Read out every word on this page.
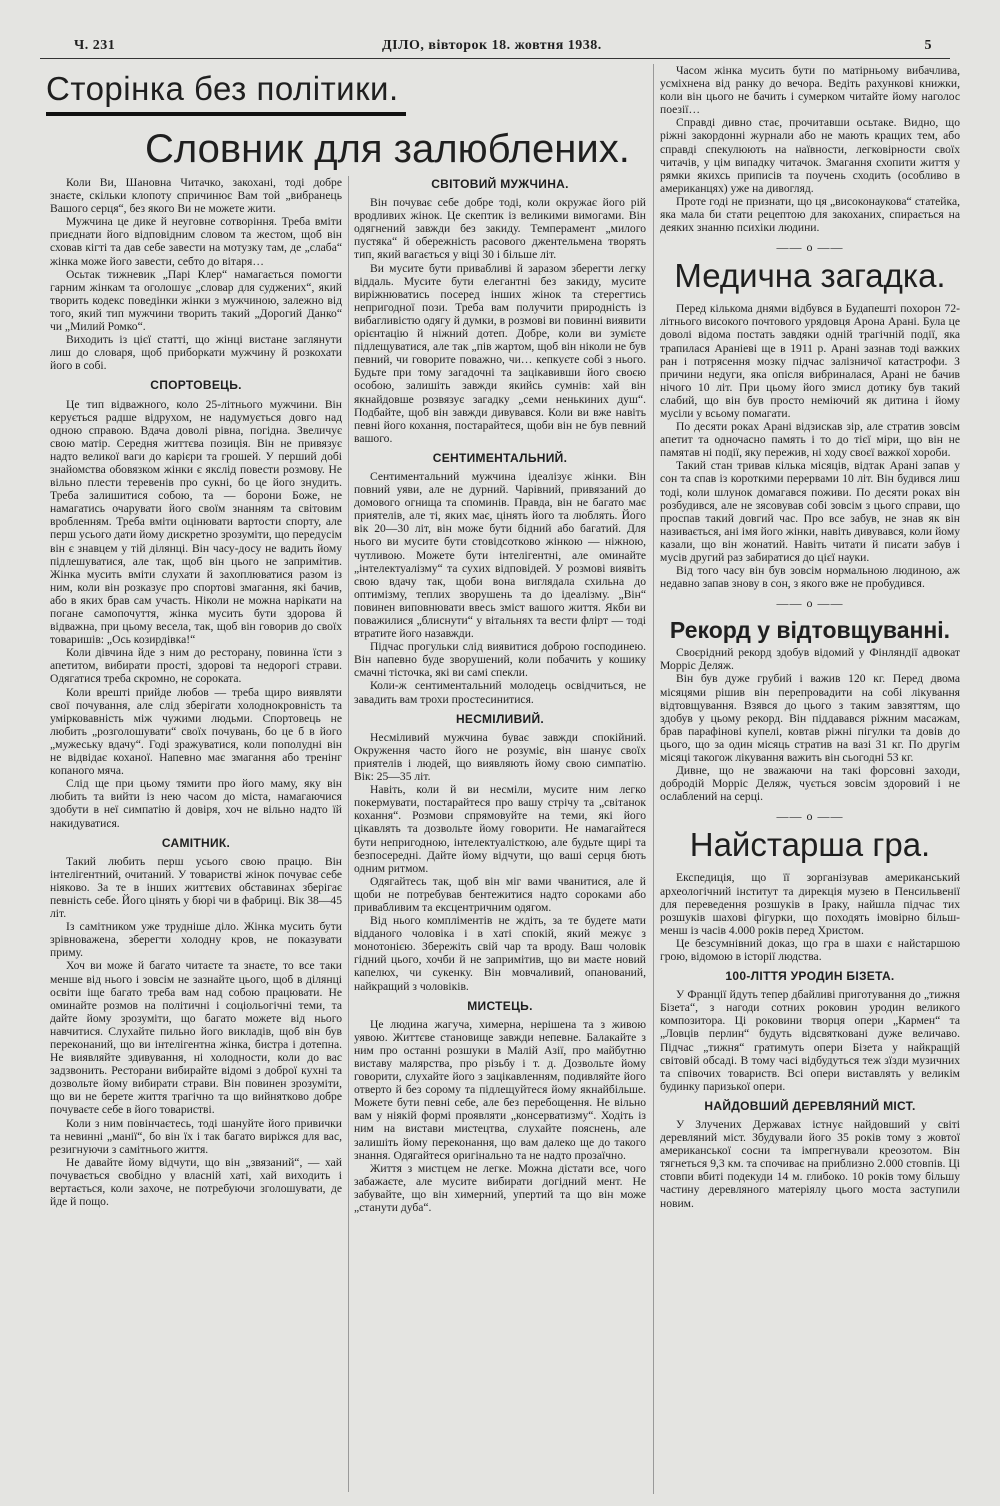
Ч. 231	ДІЛО, вівторок 18. жовтня 1938.	5
Сторінка без політики.
Словник для залюблених.

Коли Ви, Шановна Читачко, закохані, тоді добре знаєте, скільки клопоту спричинює Вам той „вибранець Вашого серця“, без якого Ви не можете жити.

Мужчина це дике й неуговне сотворіння. Треба вміти приєднати його відповідним словом та жестом, щоб він сховав кігті та дав себе завести на мотузку там, де „слаба“ жінка може його завести, себто до вітаря…

Осьтак тижневик „Парі Клер“ намагається помогти гарним жінкам та оголошує „словар для суджених“, який творить кодекс поведінки жінки з мужчиною, залежно від того, який тип мужчини творить такий „Дорогий Данко“ чи „Милий Ромко“.

Виходить із цієї статті, що жінці вистане заглянути лиш до словаря, щоб приборкати мужчину й розкохати його в собі.

СПОРТОВЕЦЬ.

Це тип відважного, коло 25-літнього мужчини. Він керується радше відрухом, не надумується довго над одною справою. Вдача доволі рівна, погідна. Звеличує свою матір. Середня життєва позиція. Він не привязує надто великої ваги до карієри та грошей. У перший добі знайомства обовязком жінки є якслід повести розмову. Не вільно плести теревенів про сукні, бо це його знудить. Треба залишитися собою, та — борони Боже, не намагатись очарувати його своїм знанням та світовим вробленням. Треба вміти оцінювати вартости спорту, але перш усього дати йому дискретно зрозуміти, що передусім він є знавцем у тій ділянці. Він часу-досу не вадить йому підлешуватися, але так, щоб він цього не запримітив. Жінка мусить вміти слухати й захоплюватися разом із ним, коли він розказує про спортові змагання, які бачив, або в яких брав сам участь. Ніколи не можна нарікати на погане самопочуття, жінка мусить бути здорова й відважна, при цьому весела, так, щоб він говорив до своїх товаришів: „Ось козирдівка!“

Коли дівчина йде з ним до ресторану, повинна їсти з апетитом, вибирати прості, здорові та недорогі страви. Одягатися треба скромно, не сороката.

Коли врешті прийде любов — треба щиро виявляти свої почування, але слід зберігати холоднокровність та умірковавність між чужими людьми. Спортовець не любить „розголошувати“ своїх почувань, бо це б в його „мужеську вдачу“. Годі зражуватися, коли пополудні він не відвідає коханої. Напевно має змагання або тренінг копаного мяча.

Слід ще при цьому тямити про його маму, яку він любить та вийти із нею часом до міста, намагаючися здобути в неї симпатію й довіря, хоч не вільно надто їй накидуватися.

САМІТНИК.

Такий любить перш усього свою працю. Він інтелігентний, очитаний. У товаристві жінок почуває себе ніяково. За те в інших життєвих обставинах зберігає певність себе. Його цінять у бюрі чи в фабриці. Вік 38—45 літ.

Із самітником уже трудніше діло. Жінка мусить бути зрівноважена, зберегти холодну кров, не показувати приму.

Хоч ви може й багато читаєте та знаєте, то все таки менше від нього і зовсім не зазнайте цього, щоб в ділянці освіти іще багато треба вам над собою працювати. Не оминайте розмов на політичні і соціольогічні теми, та дайте йому зрозуміти, що багато можете від нього навчитися. Слухайте пильно його викладів, щоб він був переконаний, що ви інтелігентна жінка, бистра і дотепна. Не виявляйте здивування, ні холодности, коли до вас задзвонить. Ресторани вибирайте відомі з доброї кухні та дозвольте йому вибирати страви. Він повинен зрозуміти, що ви не берете життя трагічно та що вийнятково добре почуваєте себе в його товаристві.

Коли з ним повінчаєтесь, тоді шануйте його привички та невинні „манії“, бо він їх і так багато виріжся для вас, резигнуючи з самітнього життя.

Не давайте йому відчути, що він „звязаний“, — хай почувається свобідно у власній хаті, хай виходить і вертається, коли захоче, не потребуючи зголошувати, де йде й пощо.

СВІТОВИЙ МУЖЧИНА.

Він почуває себе добре тоді, коли окружає його рій вродливих жінок. Це скептик із великими вимогами. Він одягнений завжди без закиду. Темперамент „милого пустяка“ й обережність расового джентельмена творять тип, який вагається у віці 30 і більше літ.

Ви мусите бути привабливі й заразом зберегти легку віддаль. Мусите бути елегантні без закиду, мусите виріжнюватись посеред інших жінок та стерегтись непригодної пози. Треба вам получити природність із вибагливістю одягу й думки, в розмові ви повинні виявити орієнтацію й ніжний дотеп. Добре, коли ви зумієте підлещуватися, але так „пів жартом, щоб він ніколи не був певний, чи говорите поважно, чи… кепкуєте собі з нього. Будьте при тому загадочні та зацікавивши його своєю особою, залишіть завжди якийсь сумнів: хай він якнайдовше розвязує загадку „семи ненькиних душ“. Подбайте, щоб він завжди дивувався. Коли ви вже навіть певні його кохання, постарайтеся, щоби він не був певний вашого.

СЕНТИМЕНТАЛЬНИЙ.

Сентиментальний мужчина ідеалізує жінки. Він повний уяви, але не дурний. Чарівний, привязаний до домового огнища та споминів. Правда, він не багато має приятелів, але ті, яких має, цінять його та люблять. Його вік 20—30 літ, він може бути бідний або багатий. Для нього ви мусите бути стовідсотково жінкою — ніжною, чутливою. Можете бути інтелігентні, але оминайте „інтелектуалізму“ та сухих відповідей. У розмові виявіть свою вдачу так, щоби вона виглядала схильна до оптимізму, теплих зворушень та до ідеалізму. „Він“ повинен виповнювати ввесь зміст вашого життя. Якби ви поважилися „блиснути“ у вітальнях та вести флірт — тоді втратите його назавжди.

Підчас прогульки слід виявитися доброю господинею. Він напевно буде зворушений, коли побачить у кошику смачні тісточка, які ви самі спекли.

Коли-ж сентиментальний молодець освідчиться, не завадить вам трохи простесинитися.

НЕСМІЛИВИЙ.

Несміливий мужчина буває завжди спокійний. Окруження часто його не розуміє, він шанує своїх приятелів і людей, що виявляють йому свою симпатію. Вік: 25—35 літ.

Навіть, коли й ви несміли, мусите ним легко покермувати, постарайтеся про вашу стрічу та „світанок кохання“. Розмови спрямовуйте на теми, які його цікавлять та дозвольте йому говорити. Не намагайтеся бути непригодною, інтелектуалісткою, але будьте щирі та безпосередні. Дайте йому відчути, що ваші серця бють одним ритмом.

Одягайтесь так, щоб він міг вами чванитися, але й щоби не потребував бентежитися надто сороками або привабливим та ексцентричним одягом.

Від нього компліментів не ждіть, за те будете мати відданого чоловіка і в хаті спокій, який межує з монотонією. Збережіть свій чар та вроду. Ваш чоловік гідний цього, хочби й не запримітив, що ви маєте новий капелюх, чи сукенку. Він мовчаливий, опанований, найкращий з чоловіків.

МИСТЕЦЬ.

Це людина жагуча, химерна, нерішена та з живою уявою. Життєве становище завжди непевне. Балакайте з ним про останні розшуки в Малій Азії, про майбутню виставу малярства, про різьбу і т. д. Дозвольте йому говорити, слухайте його з зацікавленням, подивляйте його отверто й без сорому та підлещуйтеся йому якнайбільше. Можете бути певні себе, але без перебощення. Не вільно вам у ніякій формі проявляти „консерватизму“. Ходіть із ним на вистави мистецтва, слухайте пояснень, але залишіть йому переконання, що вам далеко ще до такого знання. Одягайтеся оригінально та не надто прозаїчно.

Життя з мистцем не легке. Можна дістати все, чого забажаєте, але мусите вибирати догідний мент. Не забувайте, що він химерний, упертий та що він може „станути дуба“.

Часом жінка мусить бути по матірньому вибачлива, усміхнена від ранку до вечора. Ведіть рахункові книжки, коли він цього не бачить і сумерком читайте йому наголос поезії…

Справді дивно стає, прочитавши осьтаке. Видно, що ріжні закордонні журнали або не мають кращих тем, або справді спекулюють на наївности, легковірности своїх читачів, у цім випадку читачок. Змагання схопити життя у рямки якихсь приписів та поучень сходить (особливо в американцях) уже на дивогляд.

Проте годі не признати, що ця „високонаукова“ статейка, яка мала би стати рецептою для закоханих, спирається на деяких знанню психіки людини.

—— o ——
Медична загадка.

Перед кількома днями відбувся в Будапешті похорон 72-літнього високого почтового урядовця Арона Арані. Була це доволі відома постать завдяки одній трагічній події, яка трапилася Араніеві ще в 1911 р. Арані зазнав тоді важких ран і потрясення мозку підчас залізничої катастрофи. З причини недуги, яка опісля вибриналася, Арані не бачив нічого 10 літ. При цьому його змисл дотику був такий слабий, що він був просто неміючий як дитина і йому мусіли у всьому помагати.

По десяти роках Арані відзискав зір, але стратив зовсім апетит та одночасно память і то до тієї міри, що він не памятав ні події, яку пережив, ні ходу своєї важкої хороби.

Такий стан тривав кілька місяців, відтак Арані запав у сон та спав із короткими перервами 10 літ. Він будився лиш тоді, коли шлунок домагався поживи. По десяти роках він розбудився, але не зясовував собі зовсім з цього справи, що проспав такий довгий час. Про все забув, не знав як він називається, ані імя його жінки, навіть дивувався, коли йому казали, що він жонатий. Навіть читати й писати забув і мусів другий раз забиратися до цієї науки.

Від того часу він був зовсім нормальною людиною, аж недавно запав знову в сон, з якого вже не пробудився.

—— o ——
Рекорд у відтовщуванні.

Своєрідний рекорд здобув відомий у Фінляндії адвокат Морріс Деляж.

Він був дуже грубий і важив 120 кг. Перед двома місяцями рішив він перепровадити на собі лікування відтовщування. Взявся до цього з таким завзяттям, що здобув у цьому рекорд. Він піддавався ріжним масажам, брав парафінові купелі, ковтав ріжні пігулки та довів до цього, що за один місяць стратив на вазі 31 кг. По другім місяці такогож лікування важить він сьогодні 53 кг.

Дивне, що не зважаючи на такі форсовні заходи, добродій Морріс Деляж, чується зовсім здоровий і не ослаблений на серці.

—— o ——
Найстарша гра.

Експедиція, що її зорганізував американський археологічний інститут та дирекція музею в Пенсильвенії для переведення розшуків в Іраку, найшла підчас тих розшуків шахові фігурки, що походять імовірно більш-менш із часів 4.000 років перед Христом.

Це безсумнівний доказ, що гра в шахи є найстаршою грою, відомою в історії людства.

100-ЛІТТЯ УРОДИН БІЗЕТА.

У Франції йдуть тепер дбайливі приготування до „тижня Бізета“, з нагоди сотних роковин уродин великого композитора. Ці роковини творця опери „Кармен“ та „Ловців перлин“ будуть відсвятковані дуже величаво. Підчас „тижня“ гратимуть опери Бізета у найкращій світовій обсаді. В тому часі відбудуться теж зїзди музичних та співочих товариств. Всі опери виставлять у великім будинку паризької опери.

НАЙДОВШИЙ ДЕРЕВЛЯНИЙ МІСТ.

У Злучених Державах істнує найдовший у світі деревляний міст. Збудували його 35 років тому з жовтої американської сосни та імпрегнували креозотом. Він тягнеться 9,3 км. та спочиває на приблизно 2.000 стовпів. Ці стовпи вбиті подекуди 14 м. глибоко. 10 років тому більшу частину деревляного матеріялу цього моста заступили новим.
